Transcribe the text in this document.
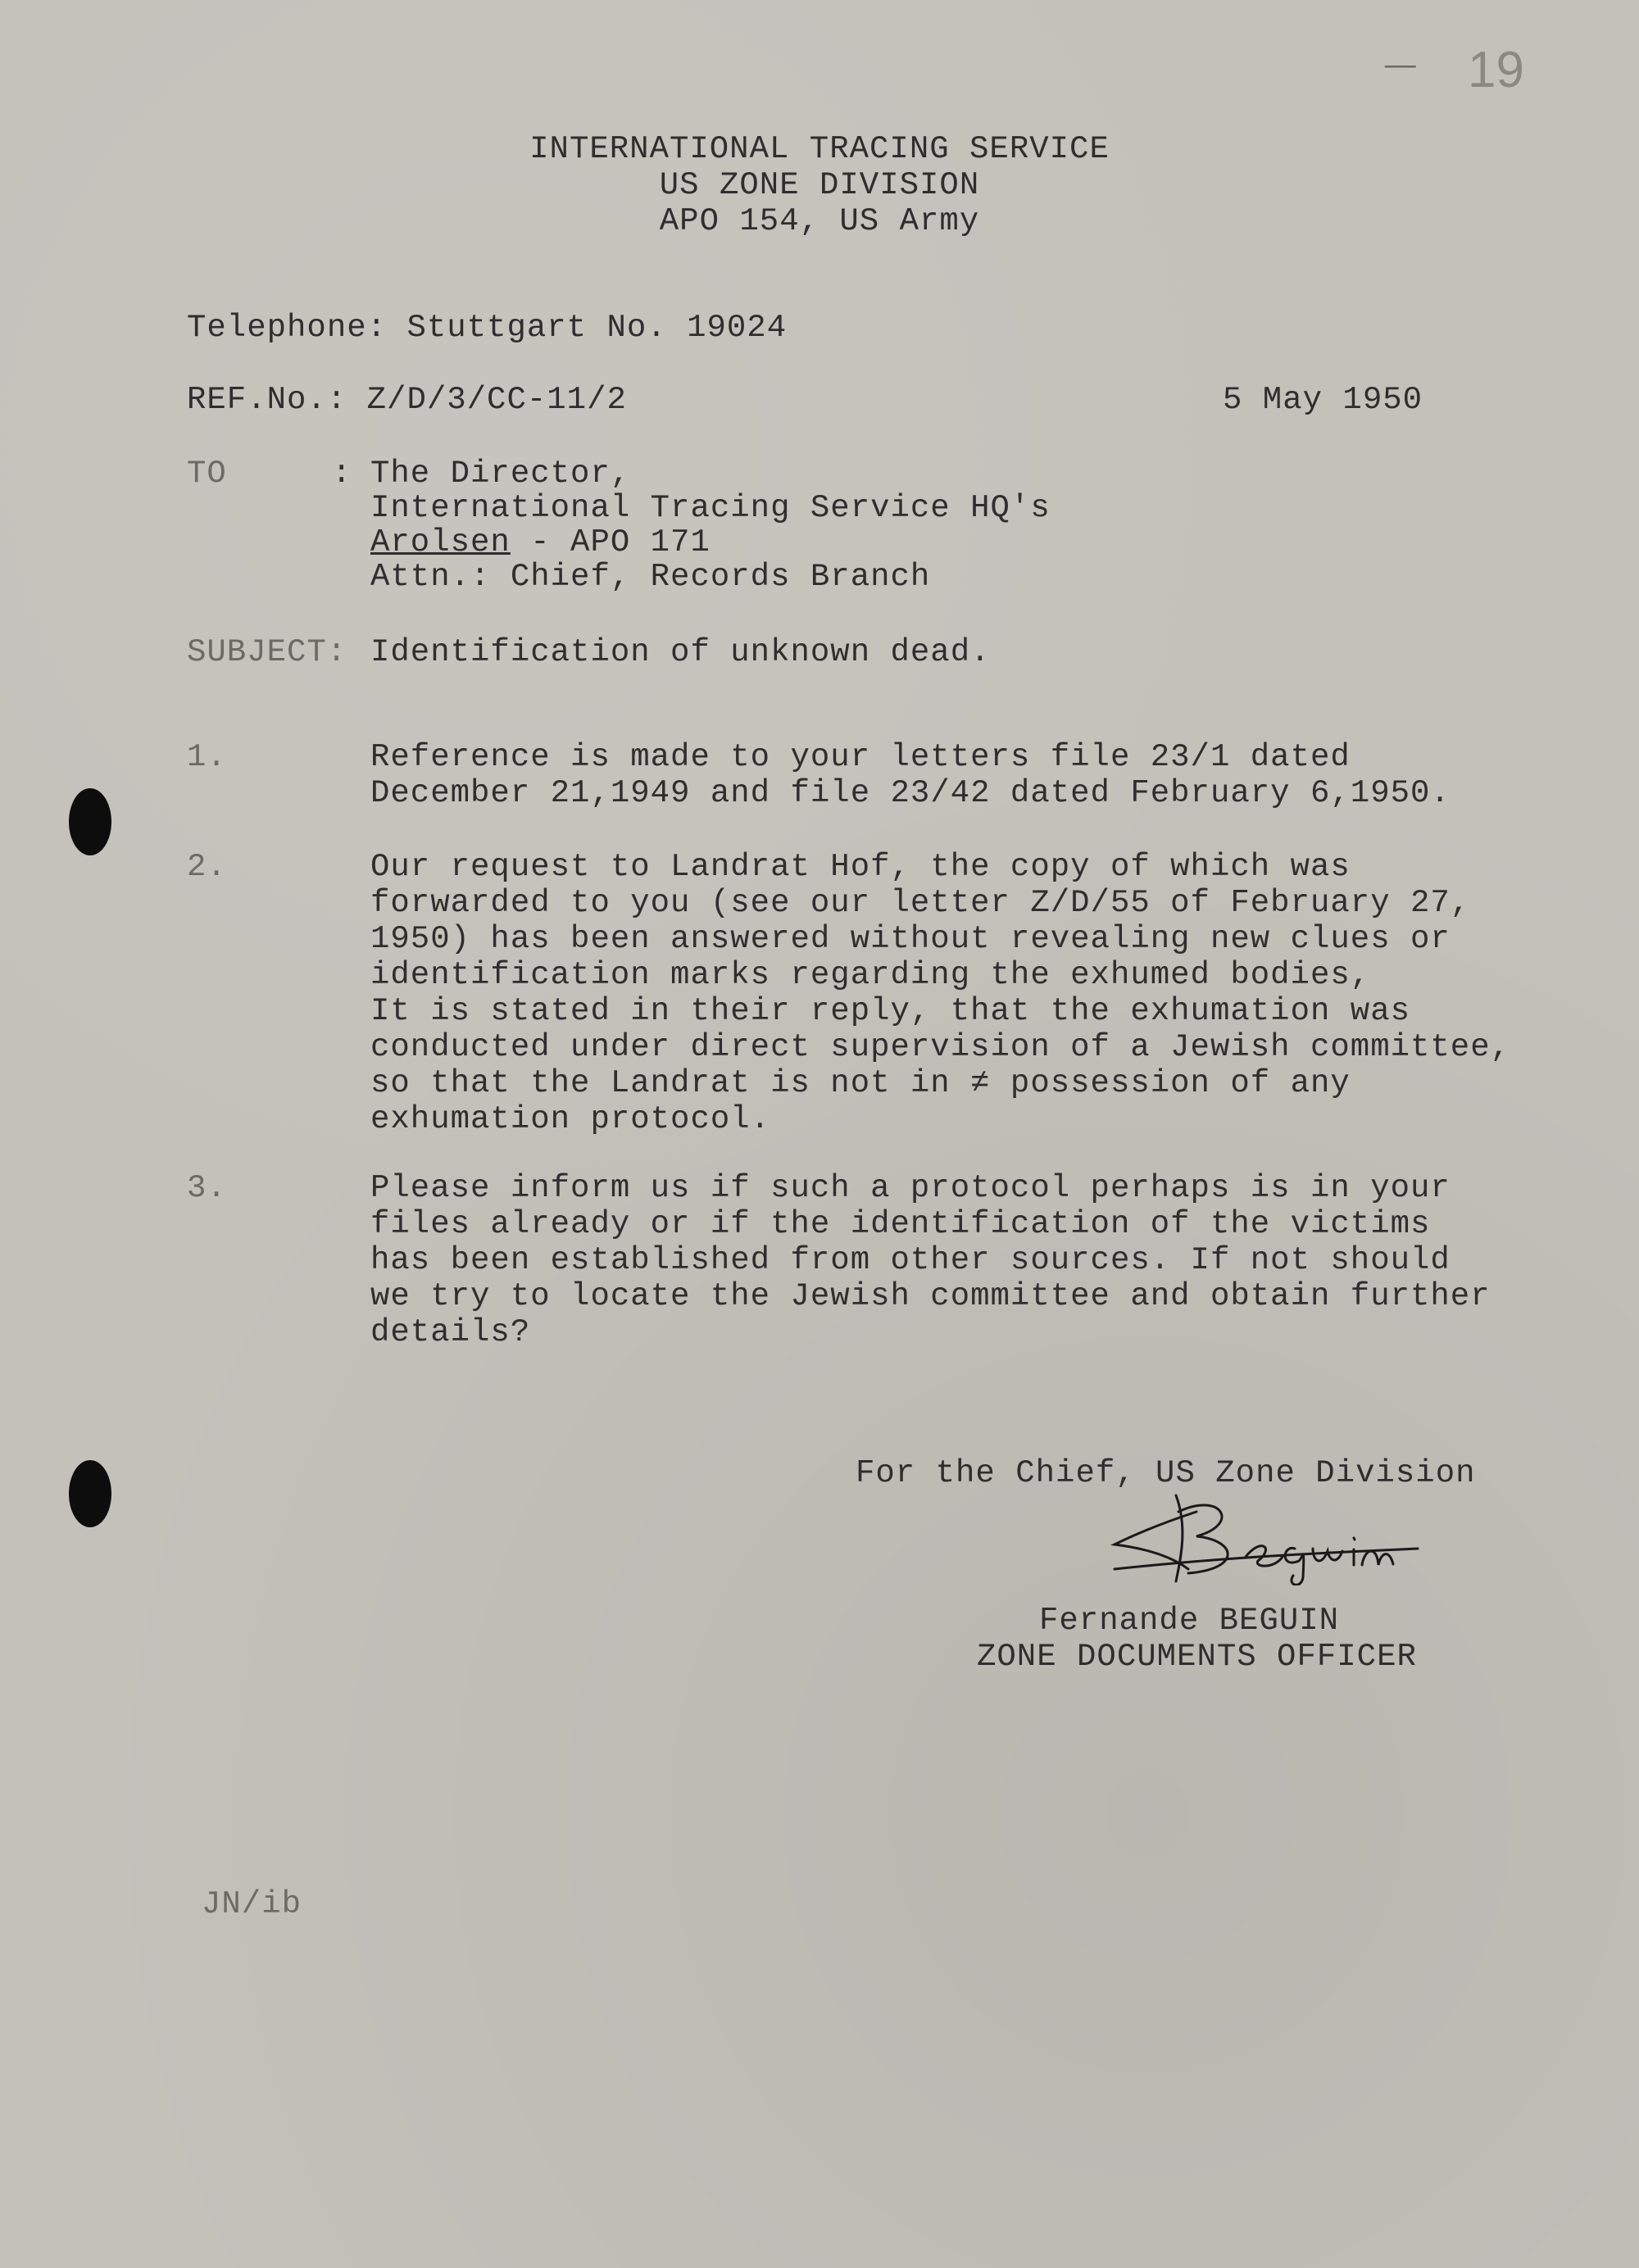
— 19
INTERNATIONAL TRACING SERVICE
US ZONE DIVISION
APO 154, US Army
Telephone: Stuttgart No. 19024
REF.No.: Z/D/3/CC-11/2	5 May 1950
TO	: The Director,
International Tracing Service HQ's
Arolsen - APO 171
Attn.: Chief, Records Branch
SUBJECT: Identification of unknown dead.
1.	Reference is made to your letters file 23/1 dated
December 21,1949 and file 23/42 dated February 6,1950.
2.	Our request to Landrat Hof, the copy of which was
forwarded to you (see our letter Z/D/55 of February 27,
1950) has been answered without revealing new clues or
identification marks regarding the exhumed bodies,
It is stated in their reply, that the exhumation was
conducted under direct supervision of a Jewish committee,
so that the Landrat is not in ≠ possession of any
exhumation protocol.
3.	Please inform us if such a protocol perhaps is in your
files already or if the identification of the victims
has been established from other sources. If not should
we try to locate the Jewish committee and obtain further
details?
For the Chief, US Zone Division
Fernande BEGUIN
ZONE DOCUMENTS OFFICER
JN/ib
